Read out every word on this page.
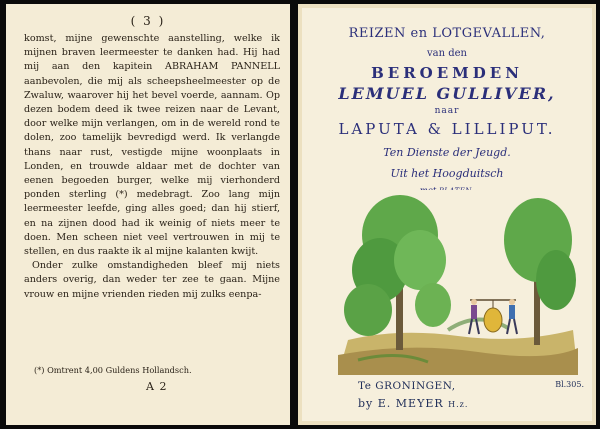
( 3 )

komst, mijne gewenschte aanstelling, welke ik mijnen braven leermeester te danken had. Hij had mij aan den kapitein ABRAHAM PANNELL aanbevolen, die mij als scheepsheelmeester op de Zwaluw, waarover hij het bevel voerde, aannam. Op dezen bodem deed ik twee reizen naar de Levant, door welke mijn verlangen, om in de wereld rond te dolen, zoo tamelijk bevredigd werd. Ik verlangde thans naar rust, vestigde mijne woonplaats in Londen, en trouwde aldaar met de dochter van eenen begoeden burger, welke mij vierhonderd ponden sterling (*) medebragt. Zoo lang mijn leermeester leefde, ging alles goed; dan hij stierf, en na zijnen dood had ik weinig of niets meer te doen. Men scheen niet veel vertrouwen in mij te stellen, en dus raakte ik al mijne kalanten kwijt.

Onder zulke omstandigheden bleef mij niets anders overig, dan weder ter zee te gaan. Mijne vrouw en mijne vrienden rieden mij zulks eenpa-

(*) Omtrent 4,00 Guldens Hollandsch.
A 2
REIZEN en LOTGEVALLEN,
van den
BEROEMDEN
LEMUEL GULLIVER,
naar
LAPUTA & LILLIPUT.
Ten Dienste der Jeugd.
Uit het Hoogduitsch
Te GRONINGEN,	Bl.305.
by E. MEYER H.z.
